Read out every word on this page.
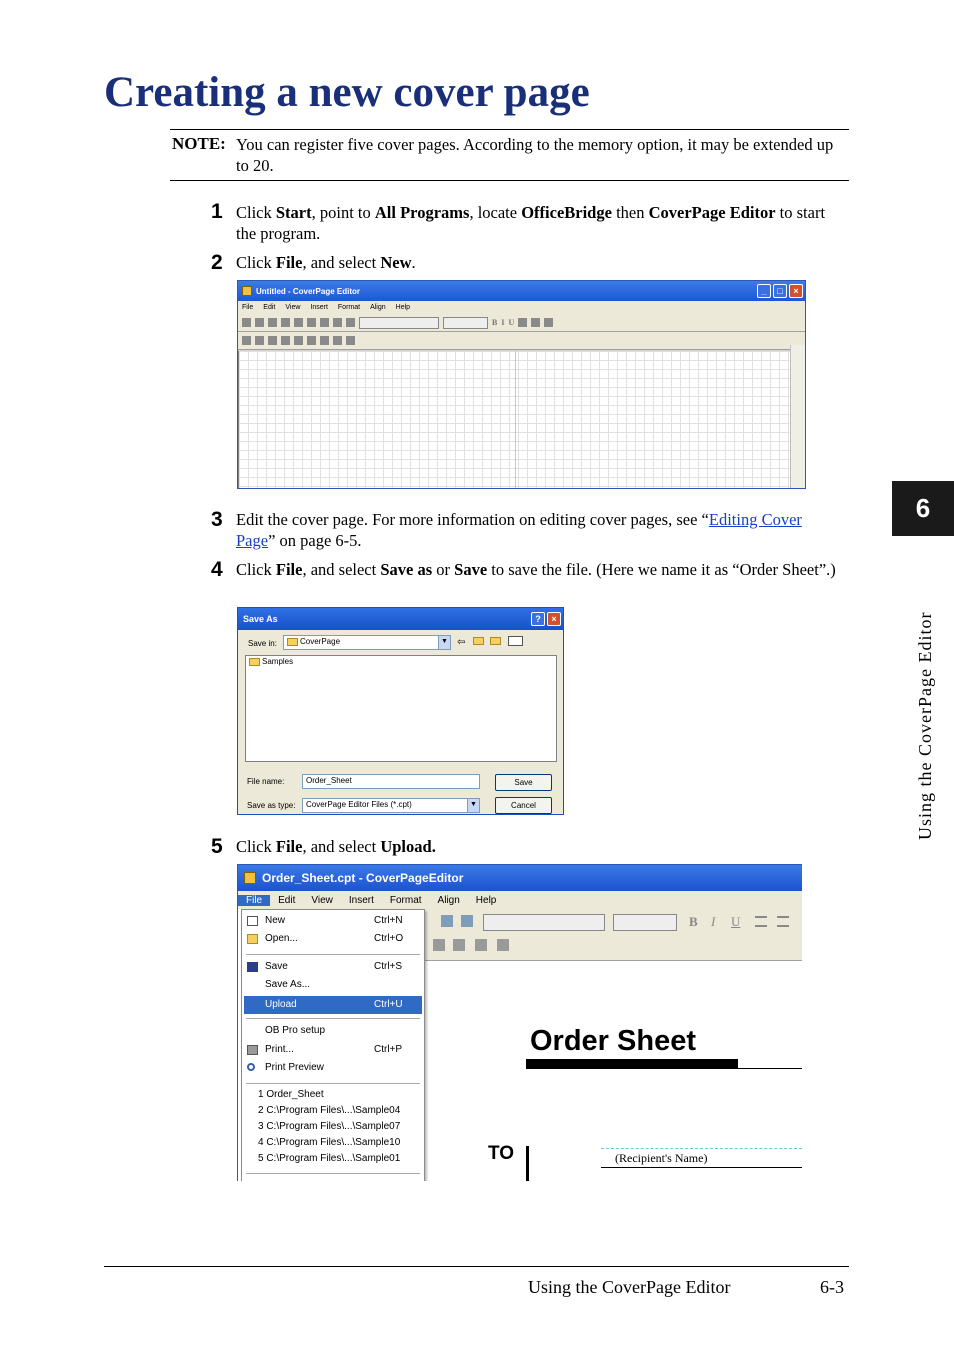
Creating a new cover page
NOTE: You can register five cover pages. According to the memory option, it may be extended up to 20.
1 Click Start, point to All Programs, locate OfficeBridge then CoverPage Editor to start the program.
2 Click File, and select New.
Untitled - CoverPage Editor	_	□	×
File Edit View Insert Format Align Help
B I U
3 Edit the cover page. For more information on editing cover pages, see “Editing Cover Page” on page 6-5.
4 Click File, and select Save as or Save to save the file. (Here we name it as “Order Sheet”.)
Save As	?	×
Save in:	CoverPage	▼ ⇦
Samples
File name:	Order_Sheet	Save
Save as type:	CoverPage Editor Files (*.cpt)	▼	Cancel
5 Click File, and select Upload.
Order_Sheet.cpt - CoverPageEditor
File	Edit	View	Insert	Format	Align	Help
B I U
Order Sheet
TO	(Recipient's Name)
New	Ctrl+N
Open...	Ctrl+O
Save	Ctrl+S
Save As...
Upload	Ctrl+U
OB Pro setup
Print...	Ctrl+P
Print Preview
1 Order_Sheet
2 C:\Program Files\...\Sample04
3 C:\Program Files\...\Sample07
4 C:\Program Files\...\Sample10
5 C:\Program Files\...\Sample01
6
Using the CoverPage Editor
Using the CoverPage Editor	6-3
